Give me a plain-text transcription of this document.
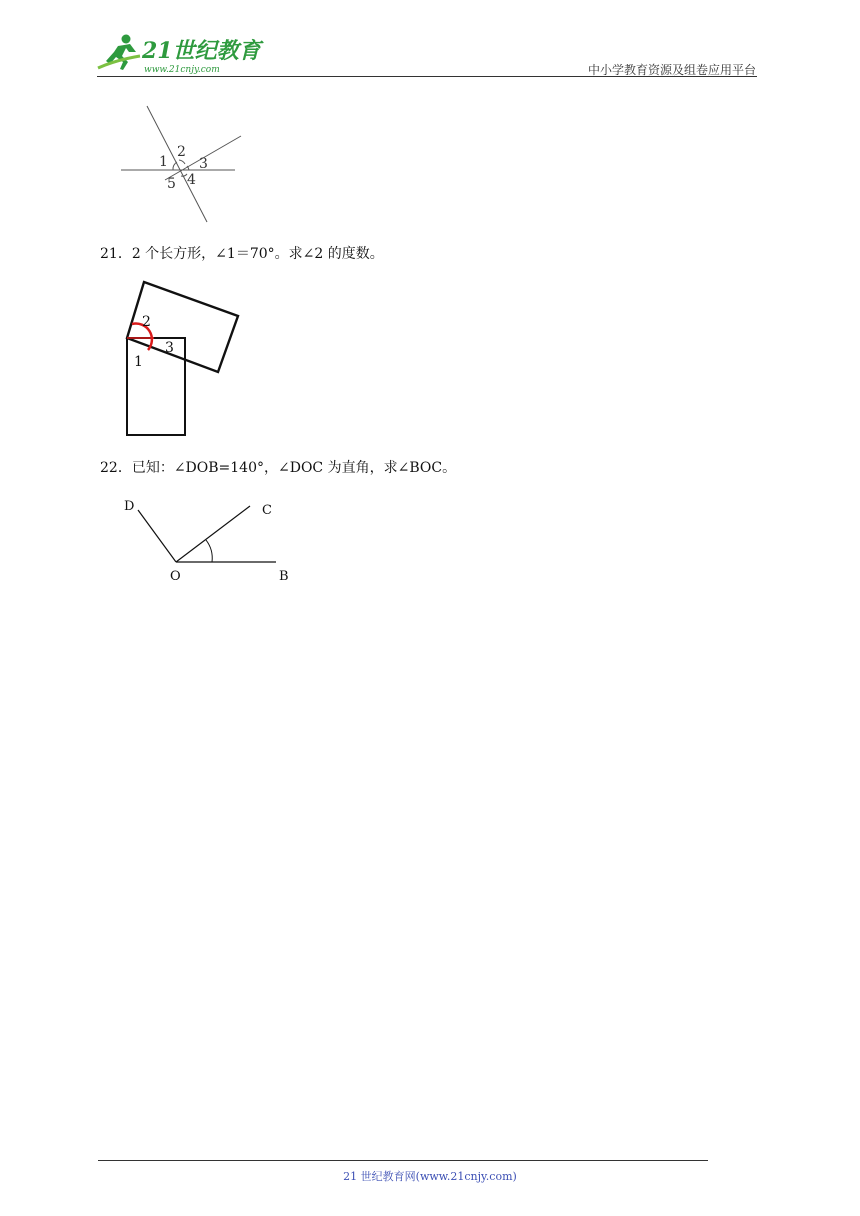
21世纪教育
www.21cnjy.com	中小学教育资源及组卷应用平台
1
2
3
4
5
21．2 个长方形，∠1＝70°。求∠2 的度数。
2
1
3
22．已知：∠DOB=140°，∠DOC 为直角，求∠BOC。
D	C
O	B
21 世纪教育网(www.21cnjy.com)
